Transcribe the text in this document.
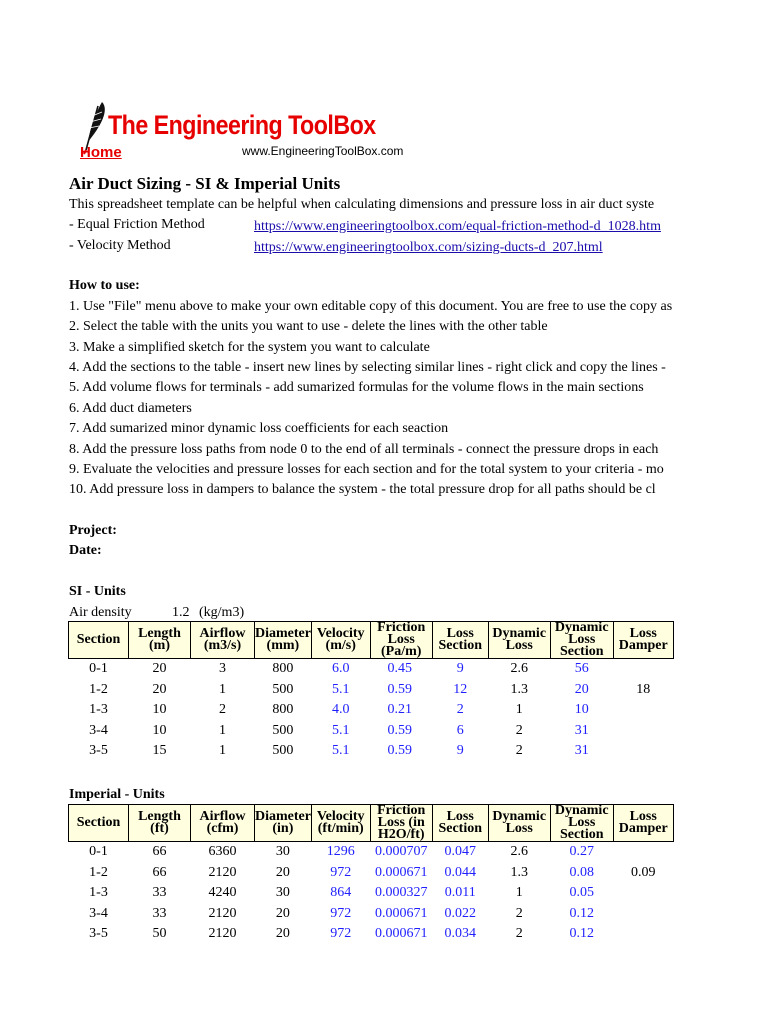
The Engineering ToolBox
Home	www.EngineeringToolBox.com
Air Duct Sizing - SI & Imperial Units
This spreadsheet template can be helpful when calculating dimensions and pressure loss in air duct syste
- Equal Friction Method	https://www.engineeringtoolbox.com/equal-friction-method-d_1028.htm
- Velocity Method	https://www.engineeringtoolbox.com/sizing-ducts-d_207.html
How to use:
1. Use "File" menu above to make your own editable copy of this document. You are free to use the copy as
2. Select the table with the units you want to use - delete the lines with the other table
3. Make a simplified sketch for the system you want to calculate
4. Add the sections to the table - insert new lines by selecting similar lines - right click and copy the lines -
5. Add volume flows for terminals - add sumarized formulas for the volume flows in the main sections
6. Add duct diameters
7. Add sumarized minor dynamic loss coefficients for each seaction
8. Add the pressure loss paths from node 0 to the end of all terminals - connect the pressure drops in each
9. Evaluate the velocities and pressure losses for each section and for the total system to your criteria - mo
10. Add pressure loss in dampers to balance the system - the total pressure drop for all paths should be cl
Project:
Date:
SI - Units
Air density	1.2 (kg/m3)
Section	Length (m)	Airflow (m3/s)	Diameter (mm)	Velocity (m/s)	Friction Loss (Pa/m)	Loss Section	Dynamic Loss	Dynamic Loss Section	Loss Damper
0-1	20	3	800	6.0	0.45	9	2.6	56	
1-2	20	1	500	5.1	0.59	12	1.3	20	18
1-3	10	2	800	4.0	0.21	2	1	10	
3-4	10	1	500	5.1	0.59	6	2	31	
3-5	15	1	500	5.1	0.59	9	2	31	
Imperial - Units
Section	Length (ft)	Airflow (cfm)	Diameter (in)	Velocity (ft/min)	Friction Loss (in H2O/ft)	Loss Section	Dynamic Loss	Dynamic Loss Section	Loss Damper
0-1	66	6360	30	1296	0.000707	0.047	2.6	0.27	
1-2	66	2120	20	972	0.000671	0.044	1.3	0.08	0.09
1-3	33	4240	30	864	0.000327	0.011	1	0.05	
3-4	33	2120	20	972	0.000671	0.022	2	0.12	
3-5	50	2120	20	972	0.000671	0.034	2	0.12	
